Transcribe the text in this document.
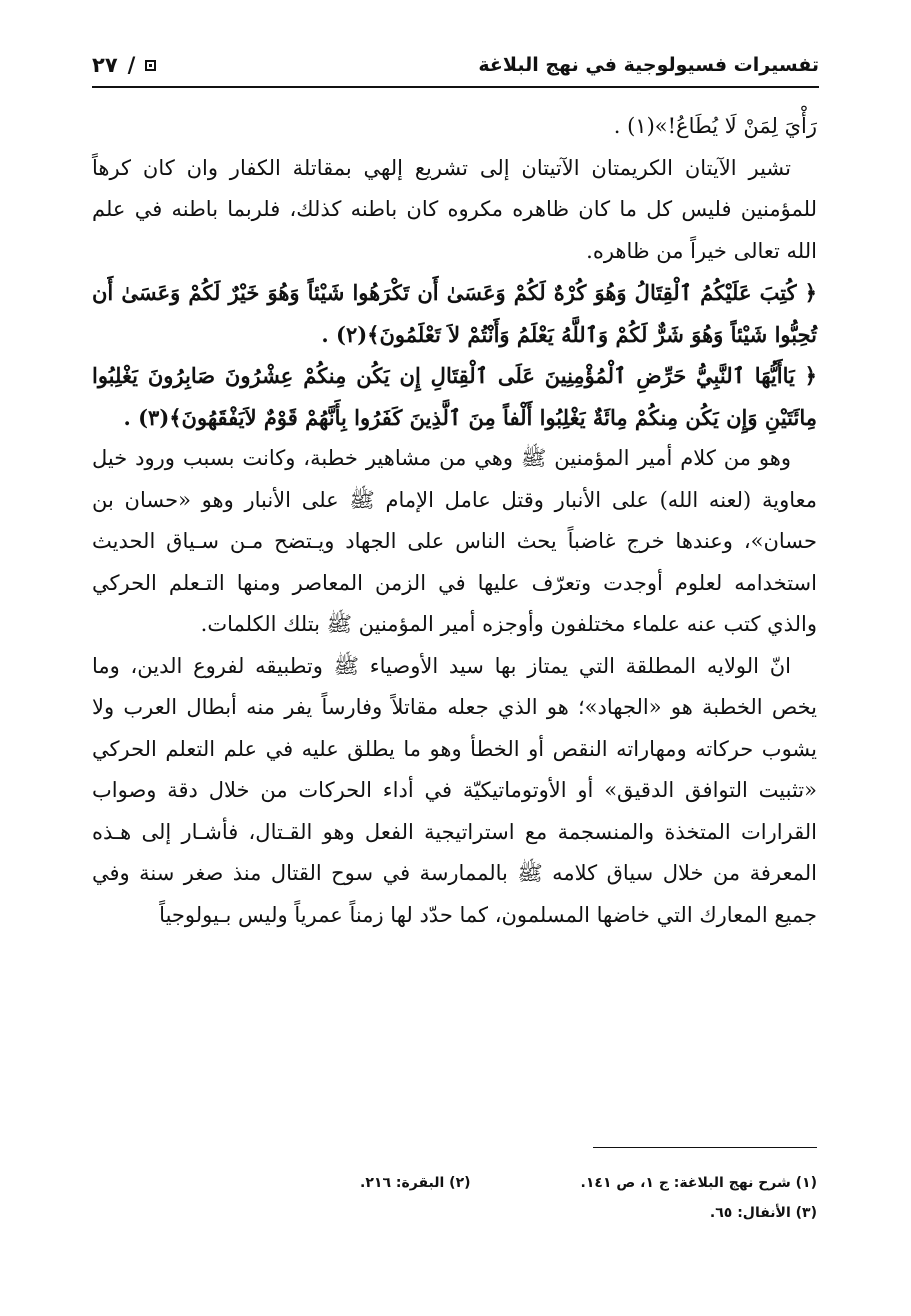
تفسيرات فسيولوجية في نهج البلاغة
٢٧ /

رَأْيَ لِمَنْ لَا يُطَاعُ!»(١) .

تشير الآيتان الكريمتان الآتيتان إلى تشريع إلهي بمقاتلة الكفار وان كان كرهاً للمؤمنين فليس كل ما كان ظاهره مكروه كان باطنه كذلك، فلربما باطنه في علم الله تعالى خيراً من ظاهره.

﴿ كُتِبَ عَلَيْكُمُ ٱلْقِتَالُ وَهُوَ كُرْهٌ لَكُمْ وَعَسَىٰ أَن تَكْرَهُوا شَيْئاً وَهُوَ خَيْرٌ لَكُمْ وَعَسَىٰ أَن تُحِبُّوا شَيْئاً وَهُوَ شَرٌّ لَكُمْ وَٱللَّهُ يَعْلَمُ وَأَنْتُمْ لاَ تَعْلَمُونَ﴾(٢) .

﴿ يَاأَيُّهَا ٱلنَّبِيُّ حَرِّضِ ٱلْمُؤْمِنِينَ عَلَى ٱلْقِتَالِ إِن يَكُن مِنكُمْ عِشْرُونَ صَابِرُونَ يَغْلِبُوا مِائَتَيْنِ وَإِن يَكُن مِنكُمْ مِائَةٌ يَغْلِبُوا أَلْفاً مِنَ ٱلَّذِينَ كَفَرُوا بِأَنَّهُمْ قَوْمٌ لاَيَفْقَهُونَ﴾(٣) .

وهو من كلام أمير المؤمنين ﷺ وهي من مشاهير خطبة، وكانت بسبب ورود خيل معاوية (لعنه الله) على الأنبار وقتل عامل الإمام ﷺ على الأنبار وهو «حسان بن حسان»، وعندها خرج غاضباً يحث الناس على الجهاد ويـتضح مـن سـياق الحديث استخدامه لعلوم أوجدت وتعرّف عليها في الزمن المعاصر ومنها التـعلم الحركي والذي كتب عنه علماء مختلفون وأوجزه أمير المؤمنين ﷺ بتلك الكلمات.

انّ الولايه المطلقة التي يمتاز بها سيد الأوصياء ﷺ وتطبيقه لفروع الدين، وما يخص الخطبة هو «الجهاد»؛ هو الذي جعله مقاتلاً وفارساً يفر منه أبطال العرب ولا يشوب حركاته ومهاراته النقص أو الخطأ وهو ما يطلق عليه في علم التعلم الحركي «تثبيت التوافق الدقيق» أو الأوتوماتيكيّة في أداء الحركات من خلال دقة وصواب القرارات المتخذة والمنسجمة مع استراتيجية الفعل وهو القـتال، فأشـار إلى هـذه المعرفة من خلال سياق كلامه ﷺ بالممارسة في سوح القتال منذ صغر سنة وفي جميع المعارك التي خاضها المسلمون، كما حدّد لها زمناً عمرياً وليس بـيولوجياً

(١) شرح نهج البلاغة: ج ١، ص ١٤١.
(٢) البقرة: ٢١٦.
(٣) الأنفال: ٦٥.
